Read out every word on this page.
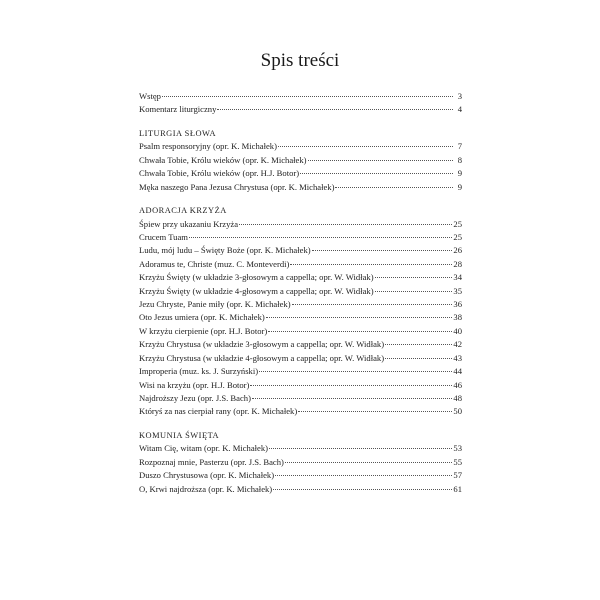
Spis treści
Wstęp	3
Komentarz liturgiczny	4
LITURGIA SŁOWA
Psalm responsoryjny (opr. K. Michałek)	7
Chwała Tobie, Królu wieków (opr. K. Michałek)	8
Chwała Tobie, Królu wieków (opr. H.J. Botor)	9
Męka naszego Pana Jezusa Chrystusa (opr. K. Michałek)	9
ADORACJA KRZYŻA
Śpiew przy ukazaniu Krzyża	25
Crucem Tuam	25
Ludu, mój ludu – Święty Boże (opr. K. Michałek)	26
Adoramus te, Christe (muz. C. Monteverdi)	28
Krzyżu Święty (w układzie 3-głosowym a cappella; opr. W. Widłak)	34
Krzyżu Święty (w układzie 4-głosowym a cappella; opr. W. Widłak)	35
Jezu Chryste, Panie miły (opr. K. Michałek)	36
Oto Jezus umiera (opr. K. Michałek)	38
W krzyżu cierpienie (opr. H.J. Botor)	40
Krzyżu Chrystusa (w układzie 3-głosowym a cappella; opr. W. Widłak)	42
Krzyżu Chrystusa (w układzie 4-głosowym a cappella; opr. W. Widłak)	43
Improperia (muz. ks. J. Surzyński)	44
Wisi na krzyżu (opr. H.J. Botor)	46
Najdroższy Jezu (opr. J.S. Bach)	48
Któryś za nas cierpiał rany (opr. K. Michałek)	50
KOMUNIA ŚWIĘTA
Witam Cię, witam (opr. K. Michałek)	53
Rozpoznaj mnie, Pasterzu (opr. J.S. Bach)	55
Duszo Chrystusowa (opr. K. Michałek)	57
O, Krwi najdroższa (opr. K. Michałek)	61
